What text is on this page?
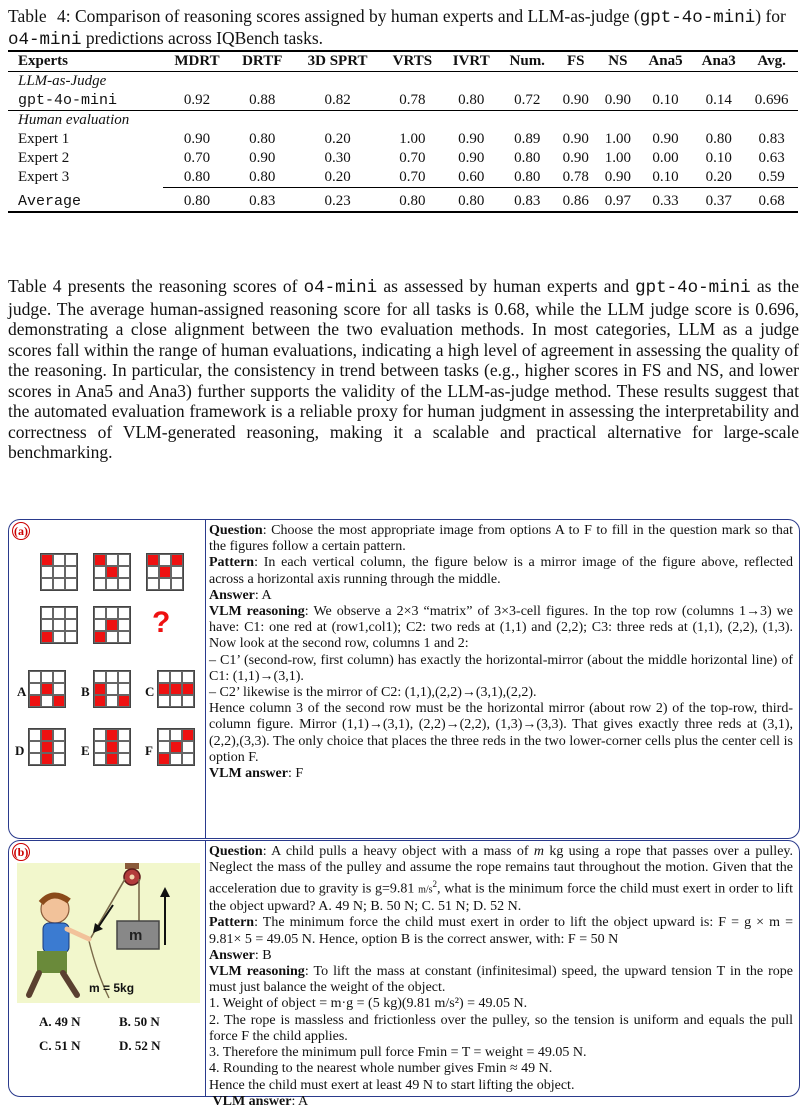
Table 4: Comparison of reasoning scores assigned by human experts and LLM-as-judge (gpt-4o-mini) for o4-mini predictions across IQBench tasks.
Experts	MDRT	DRTF	3D SPRT	VRTS	IVRT	Num.	FS	NS	Ana5	Ana3	Avg.
LLM-as-Judge											
gpt-4o-mini	0.92	0.88	0.82	0.78	0.80	0.72	0.90	0.90	0.10	0.14	0.696
Human evaluation											
Expert 1	0.90	0.80	0.20	1.00	0.90	0.89	0.90	1.00	0.90	0.80	0.83
Expert 2	0.70	0.90	0.30	0.70	0.90	0.80	0.90	1.00	0.00	0.10	0.63
Expert 3	0.80	0.80	0.20	0.70	0.60	0.80	0.78	0.90	0.10	0.20	0.59
Average	0.80	0.83	0.23	0.80	0.80	0.83	0.86	0.97	0.33	0.37	0.68
Table 4 presents the reasoning scores of o4-mini as assessed by human experts and gpt-4o-mini as the judge. The average human-assigned reasoning score for all tasks is 0.68, while the LLM judge score is 0.696, demonstrating a close alignment between the two evaluation methods. In most categories, LLM as a judge scores fall within the range of human evaluations, indicating a high level of agreement in assessing the quality of the reasoning. In particular, the consistency in trend between tasks (e.g., higher scores in FS and NS, and lower scores in Ana5 and Ana3) further supports the validity of the LLM-as-judge method. These results suggest that the automated evaluation framework is a reliable proxy for human judgment in assessing the interpretability and correctness of VLM-generated reasoning, making it a scalable and practical alternative for large-scale benchmarking.
(a)
?
A	B	C
D	E	F
Question: Choose the most appropriate image from options A to F to fill in the question mark so that the figures follow a certain pattern.
Pattern: In each vertical column, the figure below is a mirror image of the figure above, reflected across a horizontal axis running through the middle.
Answer: A
VLM reasoning: We observe a 2×3 “matrix” of 3×3-cell figures. In the top row (columns 1→3) we have: C1: one red at (row1,col1); C2: two reds at (1,1) and (2,2); C3: three reds at (1,1), (2,2), (1,3). Now look at the second row, columns 1 and 2:
– C1’ (second-row, first column) has exactly the horizontal-mirror (about the middle horizontal line) of C1: (1,1)→(3,1).
– C2’ likewise is the mirror of C2: (1,1),(2,2)→(3,1),(2,2).
Hence column 3 of the second row must be the horizontal mirror (about row 2) of the top-row, third-column figure. Mirror (1,1)→(3,1), (2,2)→(2,2), (1,3)→(3,3). That gives exactly three reds at (3,1),(2,2),(3,3). The only choice that places the three reds in the two lower-corner cells plus the center cell is option F.
VLM answer: F
(b)
m
m = 5kg
A. 49 N	B. 50 N
C. 51 N	D. 52 N
Question: A child pulls a heavy object with a mass of m kg using a rope that passes over a pulley. Neglect the mass of the pulley and assume the rope remains taut throughout the motion. Given that the acceleration due to gravity is g=9.81 $m/s^2$, what is the minimum force the child must exert in order to lift the object upward? A. 49 N; B. 50 N; C. 51 N; D. 52 N.
Pattern: The minimum force the child must exert in order to lift the object upward is: F = g × m = 9.81× 5 = 49.05 N. Hence, option B is the correct answer, with: F = 50 N
Answer: B
VLM reasoning: To lift the mass at constant (infinitesimal) speed, the upward tension T in the rope must just balance the weight of the object.
1. Weight of object = m·g = (5 kg)(9.81 m/s²) = 49.05 N.
2. The rope is massless and frictionless over the pulley, so the tension is uniform and equals the pull force F the child applies.
3. Therefore the minimum pull force Fmin = T = weight = 49.05 N.
4. Rounding to the nearest whole number gives Fmin ≈ 49 N.
Hence the child must exert at least 49 N to start lifting the object.
VLM answer: A
